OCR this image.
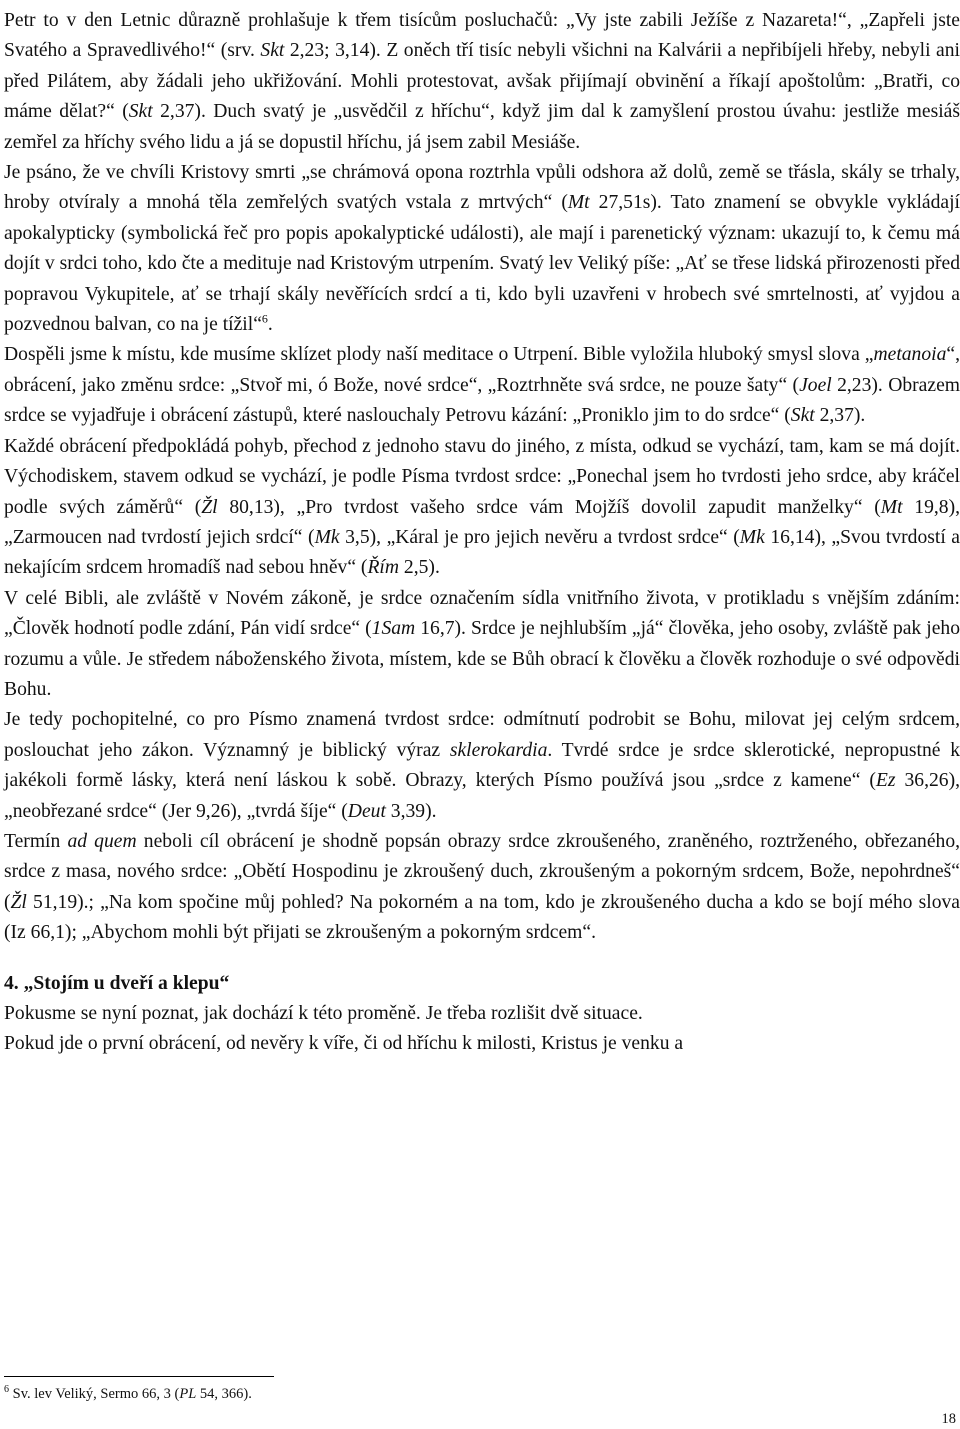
Petr to v den Letnic důrazně prohlašuje k třem tisícům posluchačů: „Vy jste zabili Ježíše z Nazareta!“, „Zapřeli jste Svatého a Spravedlivého!“ (srv. Skt 2,23; 3,14). Z oněch tří tisíc nebyli všichni na Kalvárii a nepřibíjeli hřeby, nebyli ani před Pilátem, aby žádali jeho ukřižování. Mohli protestovat, avšak přijímají obvinění a říkají apoštolům: „Bratři, co máme dělat?“ (Skt 2,37). Duch svatý je „usvědčil z hříchu“, když jim dal k zamyšlení prostou úvahu: jestliže mesiáš zemřel za hříchy svého lidu a já se dopustil hříchu, já jsem zabil Mesiáše.

Je psáno, že ve chvíli Kristovy smrti „se chrámová opona roztrhla vpůli odshora až dolů, země se třásla, skály se trhaly, hroby otvíraly a mnohá těla zemřelých svatých vstala z mrtvých“ (Mt 27,51s). Tato znamení se obvykle vykládají apokalypticky (symbolická řeč pro popis apokalyptické události), ale mají i parenetický význam: ukazují to, k čemu má dojít v srdci toho, kdo čte a medituje nad Kristovým utrpením. Svatý lev Veliký píše: „Ať se třese lidská přirozenosti před popravou Vykupitele, ať se trhají skály nevěřících srdcí a ti, kdo byli uzavřeni v hrobech své smrtelnosti, ať vyjdou a pozvednou balvan, co na je tížil“$^6$.

Dospěli jsme k místu, kde musíme sklízet plody naší meditace o Utrpení. Bible vyložila hluboký smysl slova „metanoia“, obrácení, jako změnu srdce: „Stvoř mi, ó Bože, nové srdce“, „Roztrhněte svá srdce, ne pouze šaty“ (Joel 2,23). Obrazem srdce se vyjadřuje i obrácení zástupů, které naslouchaly Petrovu kázání: „Proniklo jim to do srdce“ (Skt 2,37).

Každé obrácení předpokládá pohyb, přechod z jednoho stavu do jiného, z místa, odkud se vychází, tam, kam se má dojít. Východiskem, stavem odkud se vychází, je podle Písma tvrdost srdce: „Ponechal jsem ho tvrdosti jeho srdce, aby kráčel podle svých záměrů“ (Žl 80,13), „Pro tvrdost vašeho srdce vám Mojžíš dovolil zapudit manželky“ (Mt 19,8), „Zarmoucen nad tvrdostí jejich srdcí“ (Mk 3,5), „Káral je pro jejich nevěru a tvrdost srdce“ (Mk 16,14), „Svou tvrdostí a nekajícím srdcem hromadíš nad sebou hněv“ (Řím 2,5).

V celé Bibli, ale zvláště v Novém zákoně, je srdce označením sídla vnitřního života, v protikladu s vnějším zdáním: „Člověk hodnotí podle zdání, Pán vidí srdce“ (1Sam 16,7). Srdce je nejhlubším „já“ člověka, jeho osoby, zvláště pak jeho rozumu a vůle. Je středem náboženského života, místem, kde se Bůh obrací k člověku a člověk rozhoduje o své odpovědi Bohu.

Je tedy pochopitelné, co pro Písmo znamená tvrdost srdce: odmítnutí podrobit se Bohu, milovat jej celým srdcem, poslouchat jeho zákon. Významný je biblický výraz sklerokardia. Tvrdé srdce je srdce sklerotické, nepropustné k jakékoli formě lásky, která není láskou k sobě. Obrazy, kterých Písmo používá jsou „srdce z kamene“ (Ez 36,26), „neobřezané srdce“ (Jer 9,26), „tvrdá šíje“ (Deut 3,39).

Termín ad quem neboli cíl obrácení je shodně popsán obrazy srdce zkroušeného, zraněného, roztrženého, obřezaného, srdce z masa, nového srdce: „Obětí Hospodinu je zkroušený duch, zkroušeným a pokorným srdcem, Bože, nepohrdneš“ (Žl 51,19).; „Na kom spočine můj pohled? Na pokorném a na tom, kdo je zkroušeného ducha a kdo se bojí mého slova (Iz 66,1); „Abychom mohli být přijati se zkroušeným a pokorným srdcem“.

4. „Stojím u dveří a klepu“

Pokusme se nyní poznat, jak dochází k této proměně. Je třeba rozlišit dvě situace.

Pokud jde o první obrácení, od nevěry k víře, či od hříchu k milosti, Kristus je venku a

$^6$ Sv. lev Veliký, Sermo 66, 3 (PL 54, 366).
18
